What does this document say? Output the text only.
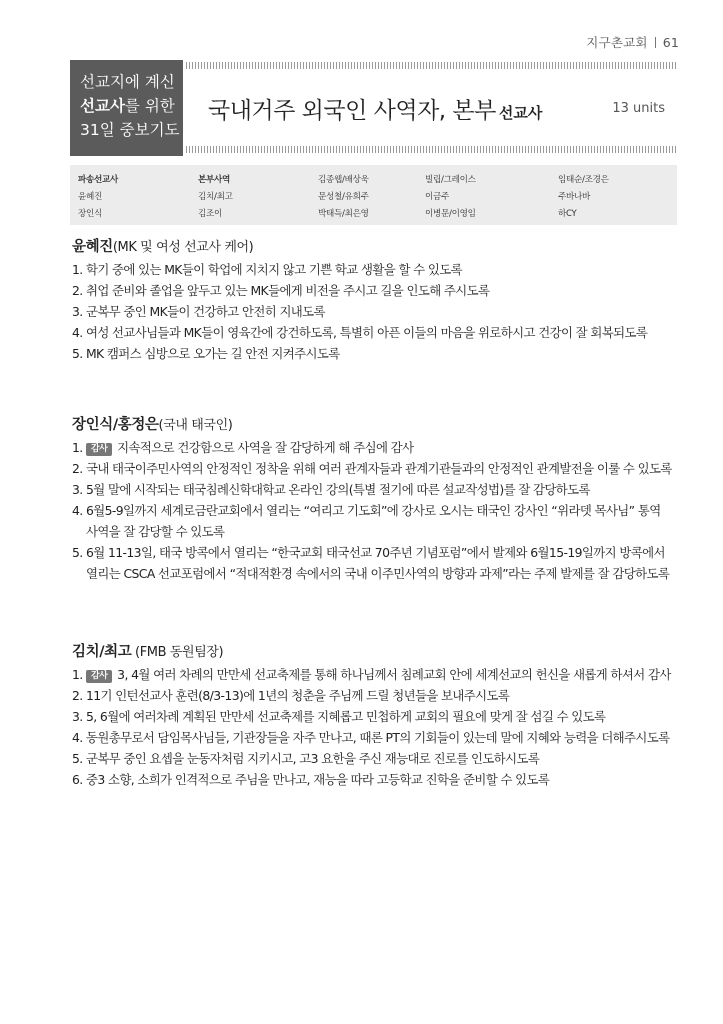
지구촌교회 61
선교지에 계신
선교사를 위한
31일 중보기도
국내거주 외국인 사역자, 본부 선교사	13 units
파송선교사
윤혜진
장인식
본부사역
김치/최고
김조이
김종웹/배상욱
문성철/유희주
박태득/최은영
빌립/그레이스
이금주
이병문/이영임
임태순/조경은
주바나바
하CY
윤혜진(MK 및 여성 선교사 케어)
1. 학기 중에 있는 MK들이 학업에 지치지 않고 기쁜 학교 생활을 할 수 있도록
2. 취업 준비와 졸업을 앞두고 있는 MK들에게 비전을 주시고 길을 인도해 주시도록
3. 군복무 중인 MK들이 건강하고 안전히 지내도록
4. 여성 선교사님들과 MK들이 영육간에 강건하도록, 특별히 아픈 이들의 마음을 위로하시고 건강이 잘 회복되도록
5. MK 캠퍼스 심방으로 오가는 길 안전 지켜주시도록
장인식/홍정은(국내 태국인)
1. 감사 지속적으로 건강함으로 사역을 잘 감당하게 해 주심에 감사
2. 국내 태국이주민사역의 안정적인 정착을 위해 여러 관계자들과 관계기관들과의 안정적인 관계발전을 이룰 수 있도록
3. 5월 말에 시작되는 태국침례신학대학교 온라인 강의(특별 절기에 따른 설교작성법)를 잘 감당하도록
4. 6월5-9일까지 세계로금란교회에서 열리는 “여리고 기도회”에 강사로 오시는 태국인 강사인 “위라뎃 목사님” 통역
사역을 잘 감당할 수 있도록
5. 6월 11-13일, 태국 방콕에서 열리는 “한국교회 태국선교 70주년 기념포럼”에서 발제와 6월15-19일까지 방콕에서
열리는 CSCA 선교포럼에서 “적대적환경 속에서의 국내 이주민사역의 방향과 과제”라는 주제 발제를 잘 감당하도록
김치/최고 (FMB 동원팀장)
1. 감사 3, 4월 여러 차례의 만만세 선교축제를 통해 하나님께서 침례교회 안에 세계선교의 헌신을 새롭게 하셔서 감사
2. 11기 인턴선교사 훈련(8/3-13)에 1년의 청춘을 주님께 드릴 청년들을 보내주시도록
3. 5, 6월에 여러차례 계획된 만만세 선교축제를 지혜롭고 민첩하게 교회의 필요에 맞게 잘 섬길 수 있도록
4. 동원총무로서 담임목사님들, 기관장들을 자주 만나고, 때론 PT의 기회들이 있는데 말에 지혜와 능력을 더해주시도록
5. 군복무 중인 요셉을 눈동자처럼 지키시고, 고3 요한을 주신 재능대로 진로를 인도하시도록
6. 중3 소향, 소희가 인격적으로 주님을 만나고, 재능을 따라 고등학교 진학을 준비할 수 있도록
